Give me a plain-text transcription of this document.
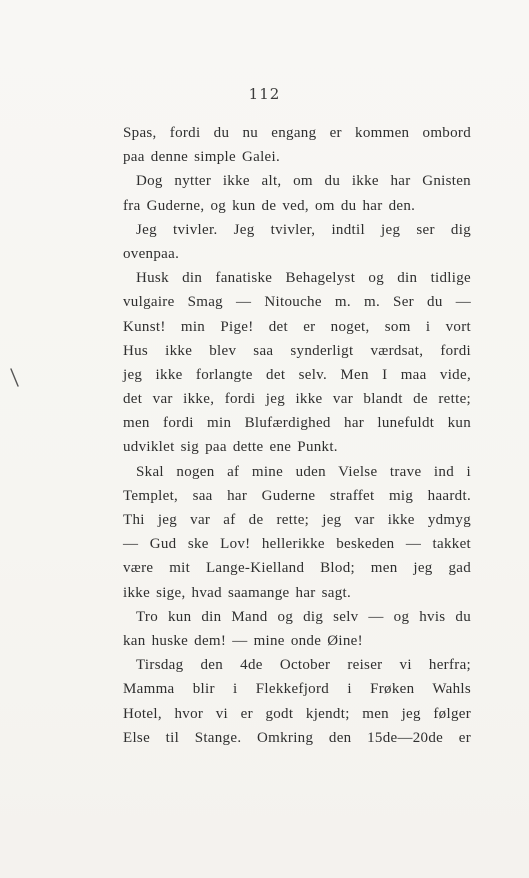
112
Spas, fordi du nu engang er kommen ombord
paa denne simple Galei.
Dog nytter ikke alt, om du ikke har Gnisten
fra Guderne, og kun de ved, om du har den.
Jeg tvivler. Jeg tvivler, indtil jeg ser dig
ovenpaa.
Husk din fanatiske Behagelyst og din tidlige
vulgaire Smag — Nitouche m. m. Ser du —
Kunst! min Pige! det er noget, som i vort
Hus ikke blev saa synderligt værdsat, fordi
jeg ikke forlangte det selv. Men I maa vide,
det var ikke, fordi jeg ikke var blandt de rette;
men fordi min Blufærdighed har lunefuldt kun
udviklet sig paa dette ene Punkt.
Skal nogen af mine uden Vielse trave ind i
Templet, saa har Guderne straffet mig haardt.
Thi jeg var af de rette; jeg var ikke ydmyg
— Gud ske Lov! hellerikke beskeden — takket
være mit Lange-Kielland Blod; men jeg gad
ikke sige, hvad saamange har sagt.
Tro kun din Mand og dig selv — og hvis du
kan huske dem! — mine onde Øine!
Tirsdag den 4de October reiser vi herfra;
Mamma blir i Flekkefjord i Frøken Wahls
Hotel, hvor vi er godt kjendt; men jeg følger
Else til Stange. Omkring den 15de—20de er
